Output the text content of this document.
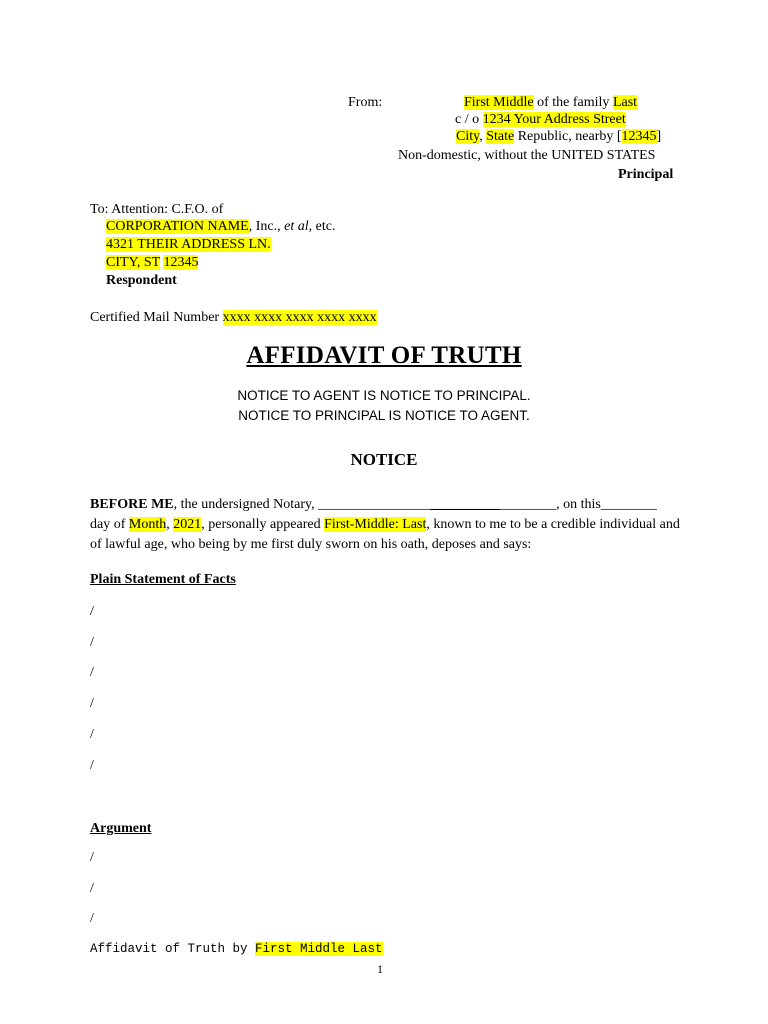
From:	First Middle of the family Last
c / o 1234 Your Address Street
City, State Republic, nearby [12345]
Non-domestic, without the UNITED STATES
Principal
To: Attention: C.F.O. of
CORPORATION NAME, Inc., et al, etc.
4321 THEIR ADDRESS LN.
CITY, ST 12345
Respondent
Certified Mail Number xxxx xxxx xxxx xxxx xxxx
AFFIDAVIT OF TRUTH
NOTICE TO AGENT IS NOTICE TO PRINCIPAL.
NOTICE TO PRINCIPAL IS NOTICE TO AGENT.
NOTICE
BEFORE ME, the undersigned Notary, __________________________________, on this________ day of Month, 2021, personally appeared First-Middle: Last, known to me to be a credible individual and of lawful age, who being by me first duly sworn on his oath, deposes and says:
Plain Statement of Facts
/
/
/
/
/
/
Argument
/
/
/
Affidavit of Truth by First Middle Last
1
